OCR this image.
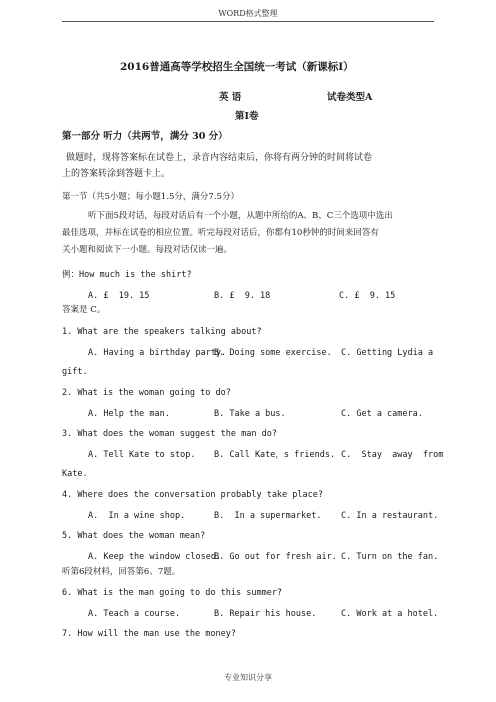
WORD格式整理
2016普通高等学校招生全国统一考试（新课标Ⅰ）
英 语	试卷类型A
第Ⅰ卷
第一部分 听力（共两节，满分 30 分）
做题时，现将答案标在试卷上，录音内容结束后，你将有两分钟的时间将试卷
上的答案转涂到答题卡上。
第一节（共5小题；每小题1.5分，满分7.5分）
听下面5段对话，每段对话后有一个小题，从题中所给的A、B、C三个选项中选出
最佳选项，并标在试卷的相应位置。听完每段对话后，你都有10秒钟的时间来回答有
关小题和阅读下一小题。每段对话仅读一遍。
例：How much is the shirt?
A. £  19. 15	B. £  9. 18	C. £  9. 15
答案是 C。
1. What are the speakers talking about?
A. Having a birthday party.
B. Doing some exercise. C. Getting Lydia a
gift.
2. What is the woman going to do?
A. Help the man.	B. Take a bus.	C. Get a camera.
3. What does the woman suggest the man do?
A. Tell Kate to stop. B. Call Kate，s friends. C.  Stay  away  from
Kate.
4. Where does the conversation probably take place?
A.  In a wine shop.	B.  In a supermarket. C. In a restaurant.
5. What does the woman mean?
A. Keep the window closed.
B. Go out for fresh air. C. Turn on the fan.
听第6段材料，回答第6、7题。
6. What is the man going to do this summer?
A. Teach a course.	B. Repair his house.	C. Work at a hotel.
7. How will the man use the money?
专业知识分享
